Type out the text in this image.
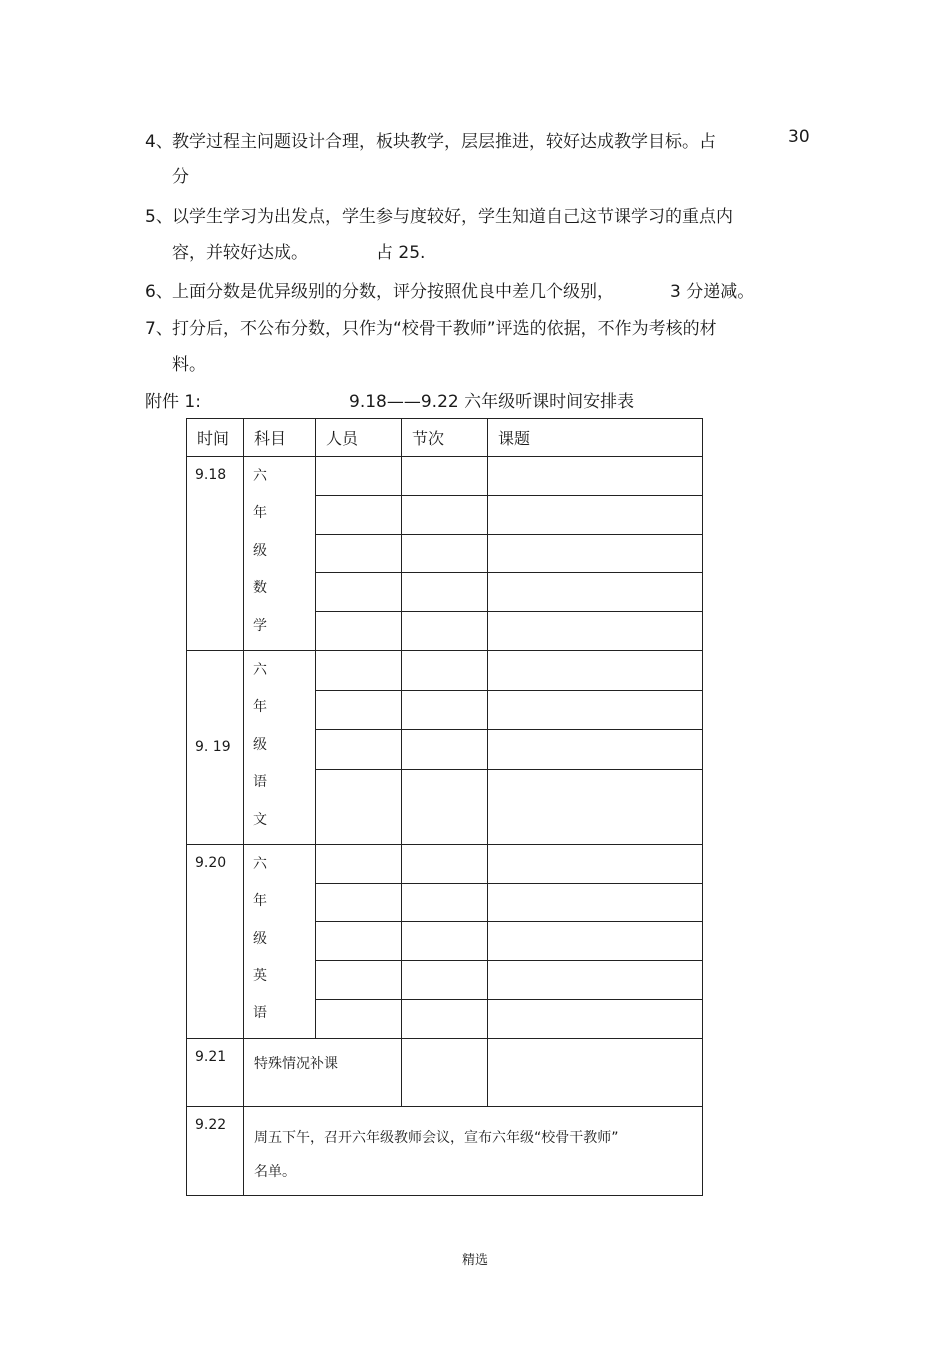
4、 教学过程主问题设计合理，板块教学，层层推进，较好达成教学目标。占	30
分
5、 以学生学习为出发点，学生参与度较好，学生知道自己这节课学习的重点内
容，并较好达成。	占 25.
6、 上面分数是优异级别的分数，评分按照优良中差几个级别，	3 分递减。
7、 打分后，不公布分数，只作为“校骨干教师”评选的依据，不作为考核的材
料。
附件 1:	9.18——9.22 六年级听课时间安排表
时间	科目	人员	节次	课题
9.18	六
年
级
数
学			

9. 19	六
年
级
语
文			

9.20	六
年
级
英
语			

9.21	特殊情况补课			
9.22	周五下午，召开六年级教师会议，宣布六年级“校骨干教师”
名单。			
精选
